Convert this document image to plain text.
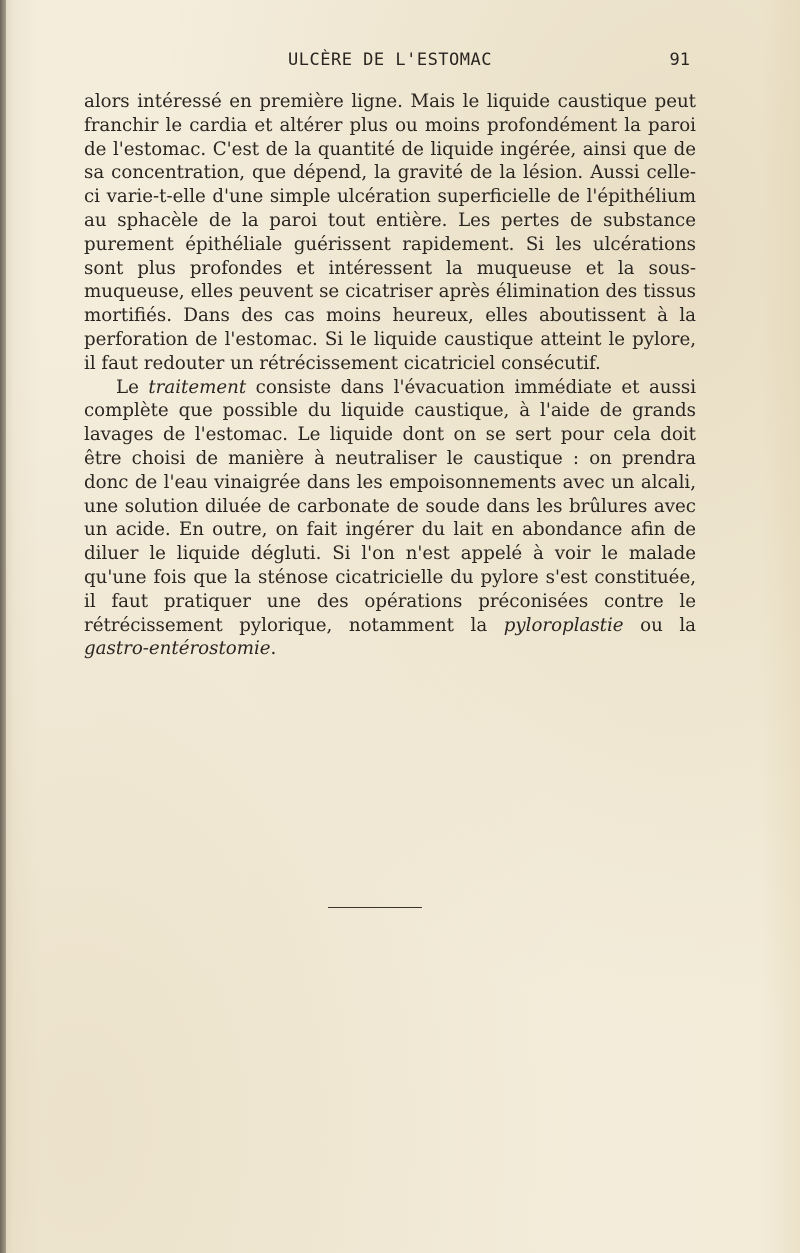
ULCÈRE DE L'ESTOMAC	91

alors intéressé en première ligne. Mais le liquide caustique peut franchir le cardia et altérer plus ou moins profondément la paroi de l'estomac. C'est de la quantité de liquide ingérée, ainsi que de sa concentration, que dépend, la gravité de la lésion. Aussi celle-ci varie-t-elle d'une simple ulcération superficielle de l'épithélium au sphacèle de la paroi tout entière. Les pertes de substance purement épithéliale guérissent rapidement. Si les ulcérations sont plus profondes et intéressent la muqueuse et la sous-muqueuse, elles peuvent se cicatriser après élimination des tissus mortifiés. Dans des cas moins heureux, elles aboutissent à la perforation de l'estomac. Si le liquide caustique atteint le pylore, il faut redouter un rétrécissement cicatriciel consécutif.

Le traitement consiste dans l'évacuation immédiate et aussi complète que possible du liquide caustique, à l'aide de grands lavages de l'estomac. Le liquide dont on se sert pour cela doit être choisi de manière à neutraliser le caustique : on prendra donc de l'eau vinaigrée dans les empoisonnements avec un alcali, une solution diluée de carbonate de soude dans les brûlures avec un acide. En outre, on fait ingérer du lait en abondance afin de diluer le liquide dégluti. Si l'on n'est appelé à voir le malade qu'une fois que la sténose cicatricielle du pylore s'est constituée, il faut pratiquer une des opérations préconisées contre le rétrécissement pylorique, notamment la pyloroplastie ou la gastro-entérostomie.
